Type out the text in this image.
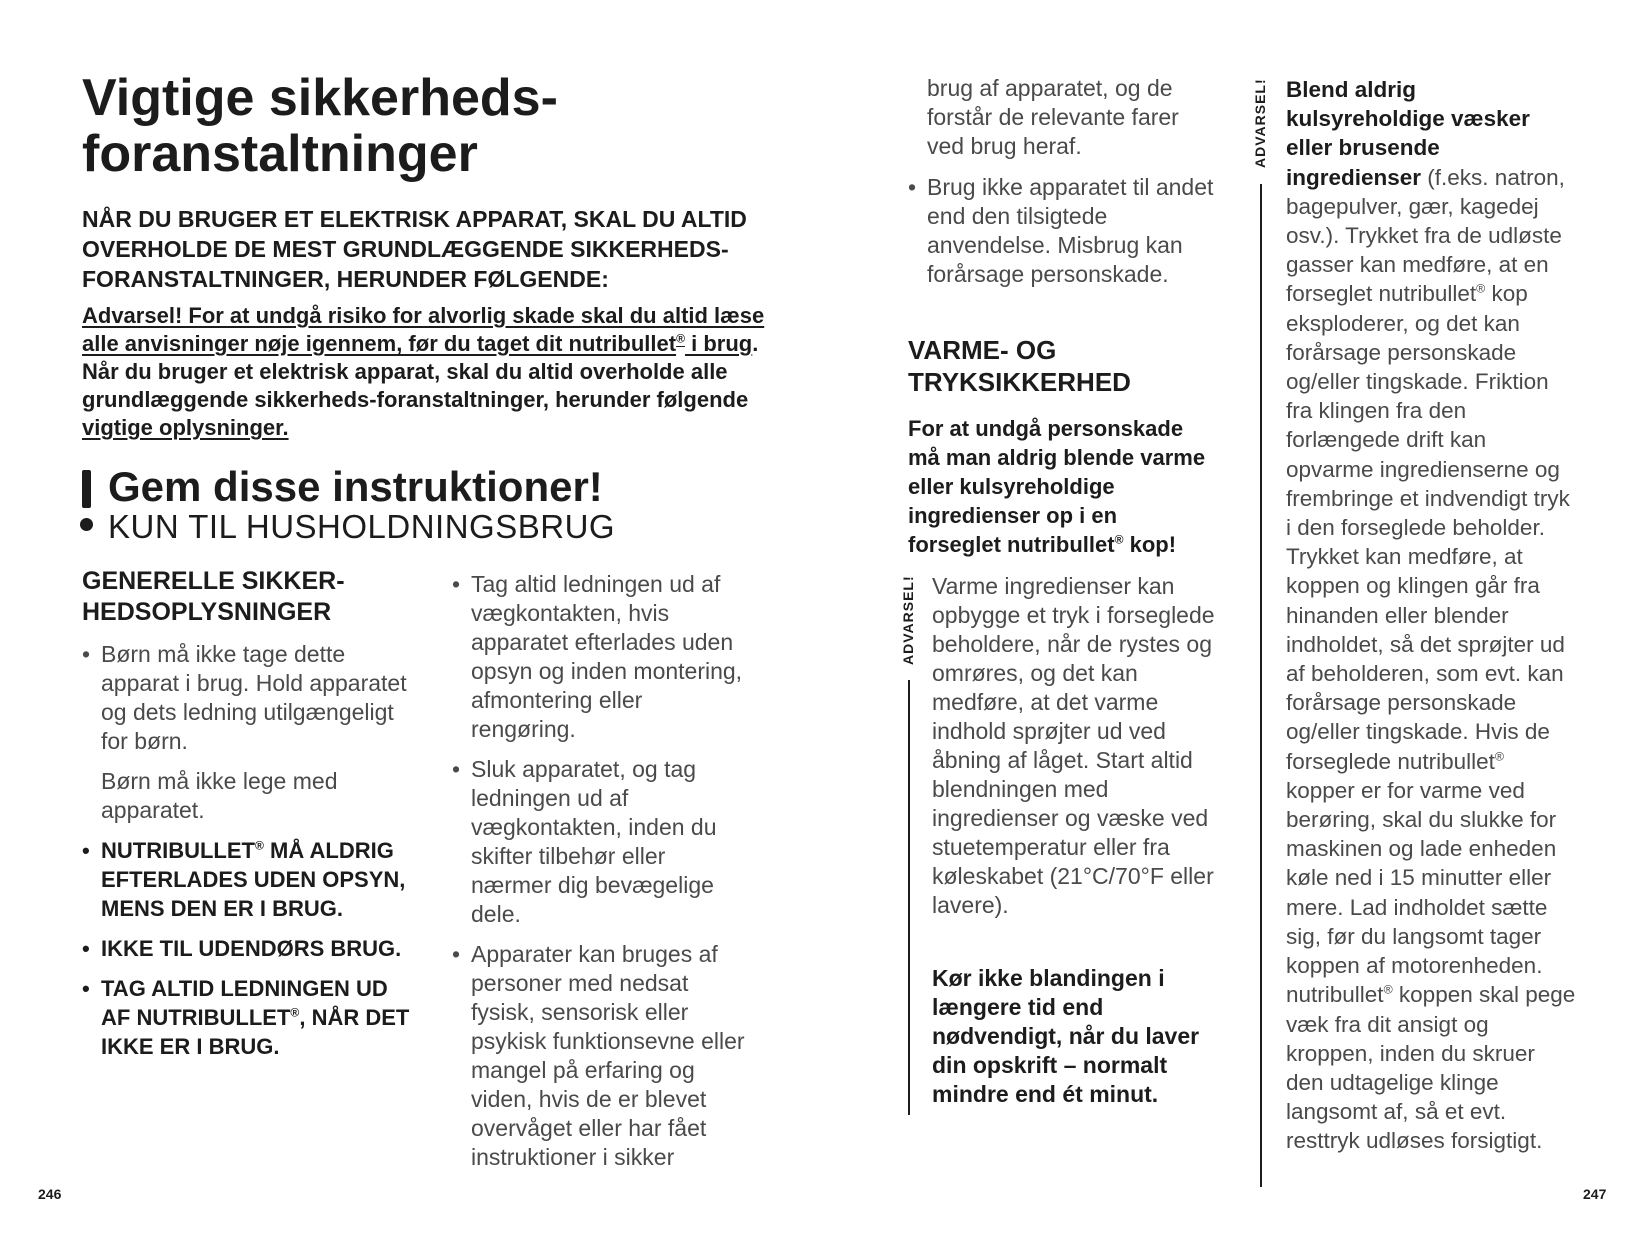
Vigtige sikkerheds-
foranstaltninger

NÅR DU BRUGER ET ELEKTRISK APPARAT, SKAL DU ALTID OVERHOLDE DE MEST GRUNDLÆGGENDE SIKKERHEDS-FORANSTALTNINGER, HERUNDER FØLGENDE:

Advarsel! For at undgå risiko for alvorlig skade skal du altid læse alle anvisninger nøje igennem, før du taget dit nutribullet® i brug. Når du bruger et elektrisk apparat, skal du altid overholde alle grundlæggende sikkerheds-foranstaltninger, herunder følgende vigtige oplysninger.

Gem disse instruktioner!

KUN TIL HUSHOLDNINGSBRUG

GENERELLE SIKKER-HEDSOPLYSNINGER
• Børn må ikke tage dette apparat i brug. Hold apparatet og dets ledning utilgængeligt for børn.
Børn må ikke lege med apparatet.
• NUTRIBULLET® MÅ ALDRIG EFTERLADES UDEN OPSYN, MENS DEN ER I BRUG.
• IKKE TIL UDENDØRS BRUG.
• TAG ALTID LEDNINGEN UD AF NUTRIBULLET®, NÅR DET IKKE ER I BRUG.
• Tag altid ledningen ud af vægkontakten, hvis apparatet efterlades uden opsyn og inden montering, afmontering eller rengøring.
• Sluk apparatet, og tag ledningen ud af vægkontakten, inden du skifter tilbehør eller nærmer dig bevægelige dele.
• Apparater kan bruges af personer med nedsat fysisk, sensorisk eller psykisk funktionsevne eller mangel på erfaring og viden, hvis de er blevet overvåget eller har fået instruktioner i sikker
246

brug af apparatet, og de forstår de relevante farer ved brug heraf.

• Brug ikke apparatet til andet end den tilsigtede anvendelse. Misbrug kan forårsage personskade.
VARME- OG TRYKSIKKERHED

For at undgå personskade må man aldrig blende varme eller kulsyreholdige ingredienser op i en forseglet nutribullet® kop!

ADVARSEL! Varme ingredienser kan opbygge et tryk i forseglede beholdere, når de rystes og omrøres, og det kan medføre, at det varme indhold sprøjter ud ved åbning af låget. Start altid blendningen med ingredienser og væske ved stuetemperatur eller fra køleskabet (21°C/70°F eller lavere).

Kør ikke blandingen i længere tid end nødvendigt, når du laver din opskrift – normalt mindre end ét minut.

ADVARSEL! Blend aldrig kulsyreholdige væsker eller brusende ingredienser (f.eks. natron, bagepulver, gær, kagedej osv.). Trykket fra de udløste gasser kan medføre, at en forseglet nutribullet® kop eksploderer, og det kan forårsage personskade og/eller tingskade. Friktion fra klingen fra den forlængede drift kan opvarme ingredienserne og frembringe et indvendigt tryk i den forseglede beholder. Trykket kan medføre, at koppen og klingen går fra hinanden eller blender indholdet, så det sprøjter ud af beholderen, som evt. kan forårsage personskade og/eller tingskade. Hvis de forseglede nutribullet® kopper er for varme ved berøring, skal du slukke for maskinen og lade enheden køle ned i 15 minutter eller mere. Lad indholdet sætte sig, før du langsomt tager koppen af motorenheden. nutribullet® koppen skal pege væk fra dit ansigt og kroppen, inden du skruer den udtagelige klinge langsomt af, så et evt. resttryk udløses forsigtigt.

247
